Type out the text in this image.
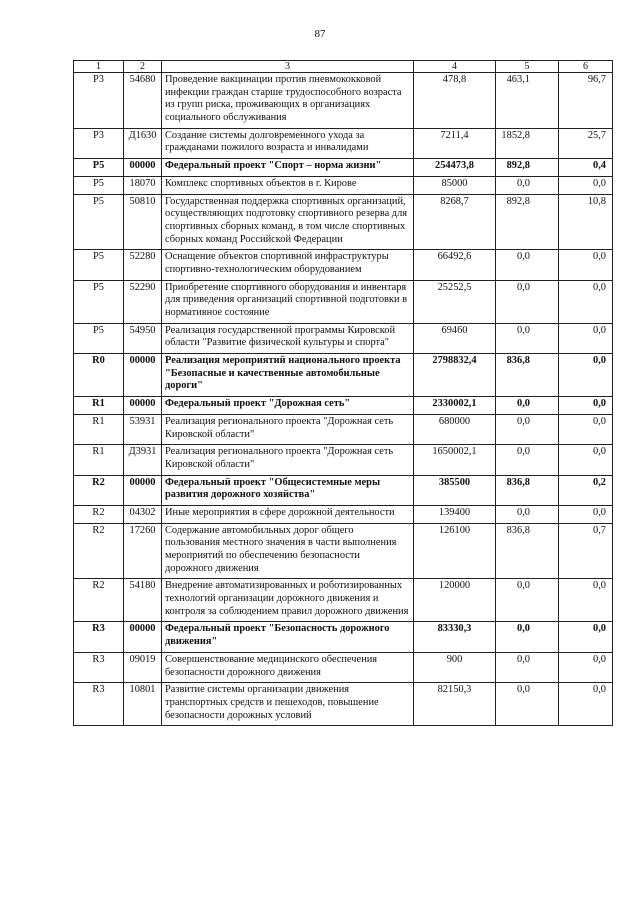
87
1	2	3	4	5	6
Р3	54680	Проведение вакцинации против пневмококковой инфекции граждан старше трудоспособного возраста из групп риска, проживающих в организациях социального обслуживания	478,8	463,1	96,7
Р3	Д1630	Создание системы долговременного ухода за гражданами пожилого возраста и инвалидами	7211,4	1852,8	25,7
Р5	00000	Федеральный проект "Спорт – норма жизни"	254473,8	892,8	0,4
Р5	18070	Комплекс спортивных объектов в г. Кирове	85000	0,0	0,0
Р5	50810	Государственная поддержка спортивных организаций, осуществляющих подготовку спортивного резерва для спортивных сборных команд, в том числе спортивных сборных команд Российской Федерации	8268,7	892,8	10,8
Р5	52280	Оснащение объектов спортивной инфраструктуры спортивно-технологическим оборудованием	66492,6	0,0	0,0
Р5	52290	Приобретение спортивного оборудования и инвентаря для приведения организаций спортивной подготовки в нормативное состояние	25252,5	0,0	0,0
Р5	54950	Реализация государственной программы Кировской области "Развитие физической культуры и спорта"	69460	0,0	0,0
R0	00000	Реализация мероприятий национального проекта "Безопасные и качественные автомобильные дороги"	2798832,4	836,8	0,0
R1	00000	Федеральный проект "Дорожная сеть"	2330002,1	0,0	0,0
R1	53931	Реализация регионального проекта "Дорожная сеть Кировской области"	680000	0,0	0,0
R1	Д3931	Реализация регионального проекта "Дорожная сеть Кировской области"	1650002,1	0,0	0,0
R2	00000	Федеральный проект "Общесистемные меры развития дорожного хозяйства"	385500	836,8	0,2
R2	04302	Иные мероприятия в сфере дорожной деятельности	139400	0,0	0,0
R2	17260	Содержание автомобильных дорог общего пользования местного значения в части выполнения мероприятий по обеспечению безопасности дорожного движения	126100	836,8	0,7
R2	54180	Внедрение автоматизированных и роботизированных технологий организации дорожного движения и контроля за соблюдением правил дорожного движения	120000	0,0	0,0
R3	00000	Федеральный проект "Безопасность дорожного движения"	83330,3	0,0	0,0
R3	09019	Совершенствование медицинского обеспечения безопасности дорожного движения	900	0,0	0,0
R3	10801	Развитие системы организации движения транспортных средств и пешеходов, повышение безопасности дорожных условий	82150,3	0,0	0,0
